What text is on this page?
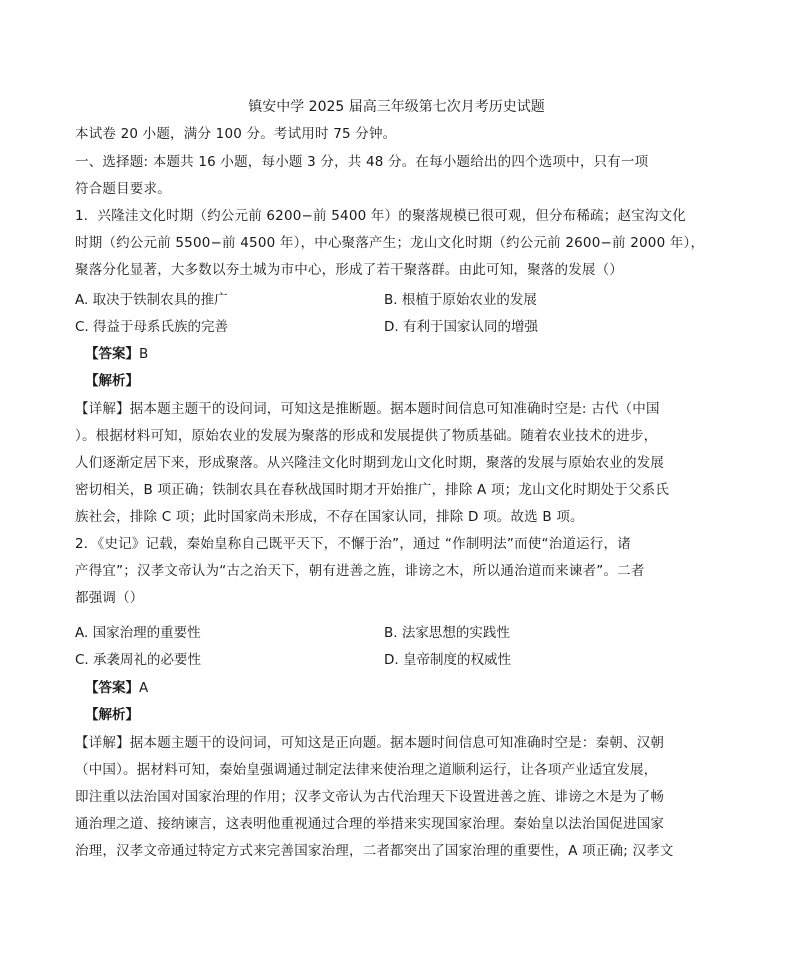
镇安中学 2025 届高三年级第七次月考历史试题
本试卷 20 小题，满分 100 分。考试用时 75 分钟。
一、选择题: 本题共 16 小题，每小题 3 分，共 48 分。在每小题给出的四个选项中，只有一项
符合题目要求。
1．兴隆洼文化时期（约公元前 6200−前 5400 年）的聚落规模已很可观，但分布稀疏；赵宝沟文化
时期（约公元前 5500−前 4500 年），中心聚落产生；龙山文化时期（约公元前 2600−前 2000 年），
聚落分化显著，大多数以夯土城为市中心，形成了若干聚落群。由此可知，聚落的发展（）
A. 取决于铁制农具的推广	B. 根植于原始农业的发展
C. 得益于母系氏族的完善	D. 有利于国家认同的增强
【答案】B
【解析】
【详解】据本题主题干的设问词，可知这是推断题。据本题时间信息可知准确时空是: 古代（中国
）。根据材料可知，原始农业的发展为聚落的形成和发展提供了物质基础。随着农业技术的进步，
人们逐渐定居下来，形成聚落。从兴隆洼文化时期到龙山文化时期，聚落的发展与原始农业的发展
密切相关，B 项正确；铁制农具在春秋战国时期才开始推广，排除 A 项；龙山文化时期处于父系氏
族社会，排除 C 项；此时国家尚未形成，不存在国家认同，排除 D 项。故选 B 项。
2．《史记》记载，秦始皇称自己既平天下，不懈于治”，通过 “作制明法”而使“治道运行，诸
产得宜”；汉孝文帝认为“古之治天下，朝有进善之旌，诽谤之木，所以通治道而来谏者”。二者
都强调（）
A. 国家治理的重要性	B. 法家思想的实践性
C. 承袭周礼的必要性	D. 皇帝制度的权威性
【答案】A
【解析】
【详解】据本题主题干的设问词，可知这是正向题。据本题时间信息可知准确时空是：秦朝、汉朝
（中国）。据材料可知，秦始皇强调通过制定法律来使治理之道顺利运行，让各项产业适宜发展，
即注重以法治国对国家治理的作用；汉孝文帝认为古代治理天下设置进善之旌、诽谤之木是为了畅
通治理之道、接纳谏言，这表明他重视通过合理的举措来实现国家治理。秦始皇以法治国促进国家
治理，汉孝文帝通过特定方式来完善国家治理，二者都突出了国家治理的重要性，A 项正确; 汉孝文
